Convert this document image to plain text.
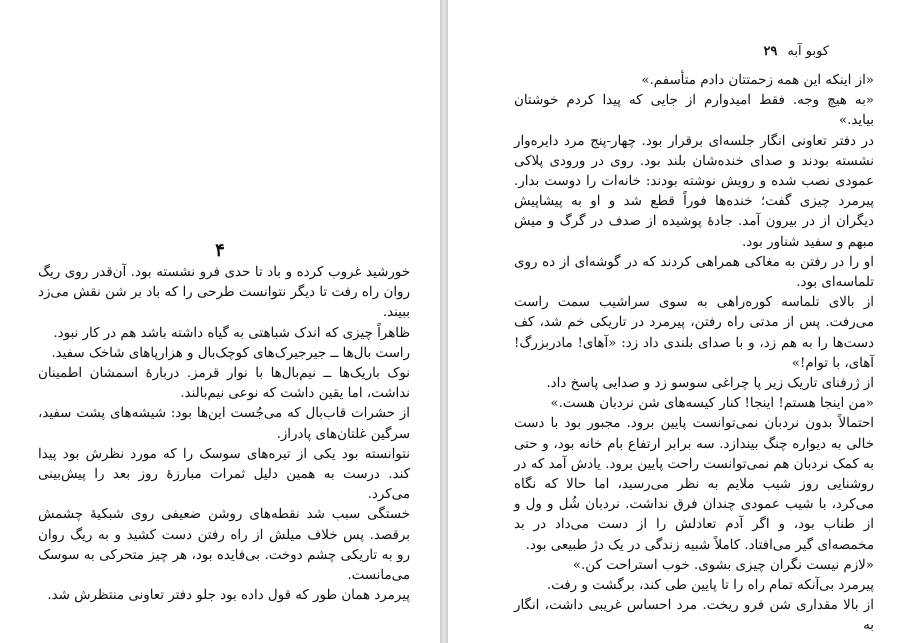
۴

خورشید غروب کرده و باد تا حدی فرو نشسته بود. آن‌قدر روی ریگ روان راه رفت تا دیگر نتوانست طرحی را که باد بر شن نقش می‌زد ببیند.

ظاهراً چیزی که اندک شباهتی به گیاه داشته باشد هم در کار نبود.

راست بال‌ها ــ جیرجیرک‌های کوچک‌بال و هزارپاهای شاخک سفید.

نوک باریک‌ها ــ نیم‌بال‌ها با نوار قرمز. دربارهٔ اسمشان اطمینان نداشت، اما یقین داشت که نوعی نیم‌بالند.

از حشرات قاب‌بال که می‌جُست این‌ها بود: شیشه‌های پشت سفید، سرگین غلتان‌های پادراز.

نتوانسته بود یکی از تیره‌های سوسک را که مورد نظرش بود پیدا کند. درست به همین دلیل ثمرات مبارزهٔ روز بعد را پیش‌بینی می‌کرد.

خستگی سبب شد نقطه‌های روشن ضعیفی روی شبکیهٔ چشمش برقصد. پس خلاف میلش از راه رفتن دست کشید و به ریگ روان رو به تاریکی چشم دوخت. بی‌فایده بود، هر چیز متحرکی به سوسک می‌مانست.

پیرمرد همان طور که قول داده بود جلو دفتر تعاونی منتظرش شد.

کوبو آبه
۲۹

«از اینکه این همه زحمتتان دادم متأسفم.»

«به هیچ وجه. فقط امیدوارم از جایی که پیدا کردم خوشتان بیاید.»

در دفتر تعاونی انگار جلسه‌ای برقرار بود. چهار-پنج مرد دایره‌وار نشسته بودند و صدای خنده‌شان بلند بود. روی در ورودی پلاکی عمودی نصب شده و رویش نوشته بودند: خانه‌ات را دوست بدار. پیرمرد چیزی گفت؛ خنده‌ها فوراً قطع شد و او به پیشاپیش دیگران از در بیرون آمد. جادهٔ پوشیده از صدف در گرگ و میش مبهم و سفید شناور بود.

او را در رفتن به مغاکی همراهی کردند که در گوشه‌ای از ده روی تلماسه‌ای بود.

از بالای تلماسه کوره‌راهی به سوی سراشیب سمت راست می‌رفت. پس از مدتی راه رفتن، پیرمرد در تاریکی خم شد، کف دست‌ها را به هم زد، و با صدای بلندی داد زد: «آهای! مادربزرگ! آهای، با توام!»

از ژرفنای تاریک زیر پا چراغی سوسو زد و صدایی پاسخ داد.

«من اینجا هستم! اینجا! کنار کیسه‌های شن نردبان هست.»

احتمالاً بدون نردبان نمی‌توانست پایین برود. مجبور بود با دست خالی به دیواره چنگ بیندازد. سه برابر ارتفاع بام خانه بود، و حتی به کمک نردبان هم نمی‌توانست راحت پایین برود. یادش آمد که در روشنایی روز شیب ملایم به نظر می‌رسید، اما حالا که نگاه می‌کرد، با شیب عمودی چندان فرق نداشت. نردبان شُل و ول و از طناب بود، و اگر آدم تعادلش را از دست می‌داد در بد مخمصه‌ای گیر می‌افتاد. کاملاً شبیه زندگی در یک دژ طبیعی بود.

«لازم نیست نگران چیزی بشوی. خوب استراحت کن.»

پیرمرد بی‌آنکه تمام راه را تا پایین طی کند، برگشت و رفت.

از بالا مقداری شن فرو ریخت. مرد احساس غریبی داشت، انگار به
